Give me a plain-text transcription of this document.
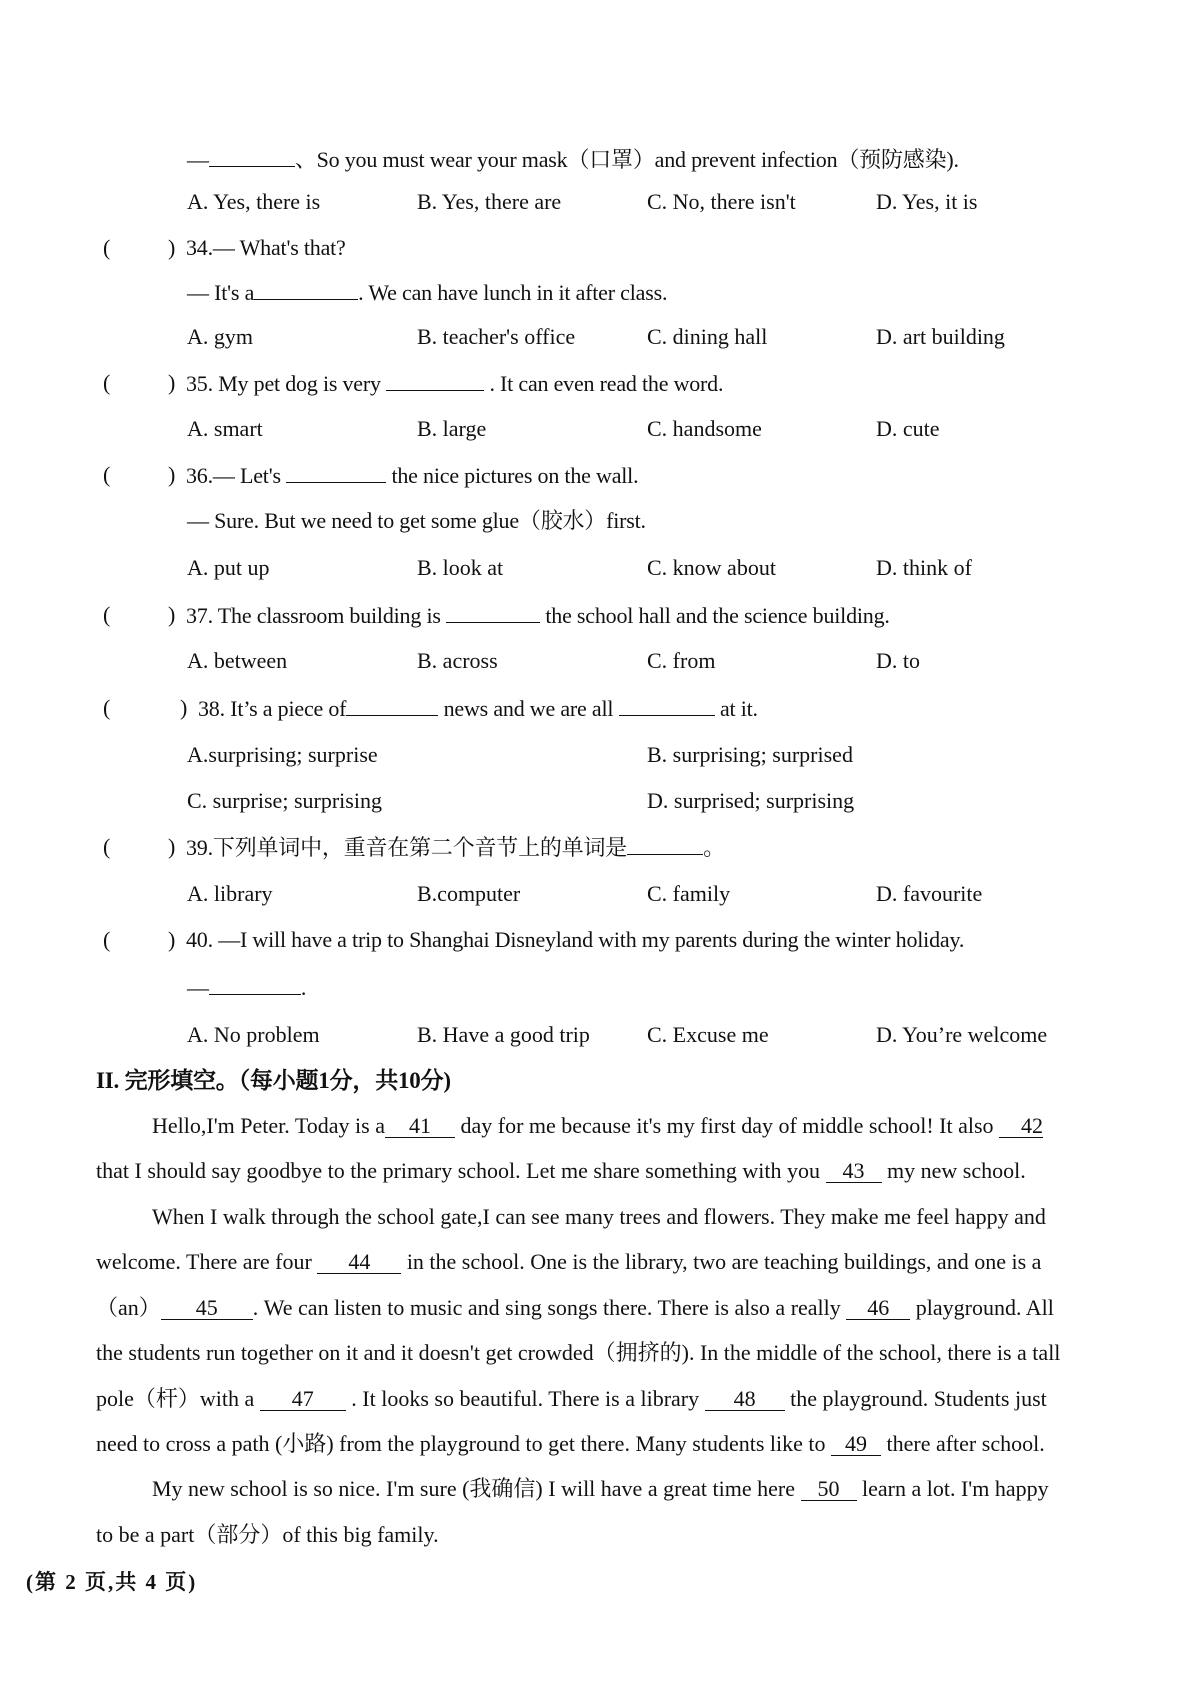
—	、So you must wear your mask（口罩）and prevent infection（预防感染).
A. Yes, there is	B. Yes, there are	C. No, there isn't	D. Yes, it is
(	) 34.— What's that?
— It's a	. We can have lunch in it after class.
A. gym	B. teacher's office	C. dining hall	D. art building
(	) 35. My pet dog is very	. It can even read the word.
A. smart	B. large	C. handsome	D. cute
(	) 36.— Let's	the nice pictures on the wall.
— Sure. But we need to get some glue（胶水）first.
A. put up	B. look at	C. know about	D. think of
(	) 37. The classroom building is	the school hall and the science building.
A. between	B. across	C. from	D. to
(	) 38. It’s a piece of	news and we are all	at it.
A.surprising; surprise	B. surprising; surprised
C. surprise; surprising	D. surprised; surprising
(	) 39.下列单词中，重音在第二个音节上的单词是	。
A. library	B.computer	C. family	D. favourite
(	) 40. —I will have a trip to Shanghai Disneyland with my parents during the winter holiday.
—	.
A. No problem	B. Have a good trip	C. Excuse me	D. You’re welcome
II. 完形填空。（每小题1分，共10分)
Hello,I'm Peter. Today is a 41 day for me because it's my first day of middle school! It also 42
that I should say goodbye to the primary school. Let me share something with you 43 my new school.
When I walk through the school gate,I can see many trees and flowers. They make me feel happy and
welcome. There are four 44 in the school. One is the library, two are teaching buildings, and one is a
（an） 45 . We can listen to music and sing songs there. There is also a really 46 playground. All
the students run together on it and it doesn't get crowded（拥挤的). In the middle of the school, there is a tall
pole（杆）with a 47 . It looks so beautiful. There is a library 48 the playground. Students just
need to cross a path (小路) from the playground to get there. Many students like to 49 there after school.
My new school is so nice. I'm sure (我确信) I will have a great time here 50 learn a lot. I'm happy
to be a part（部分）of this big family.
(第 2 页,共 4 页)
